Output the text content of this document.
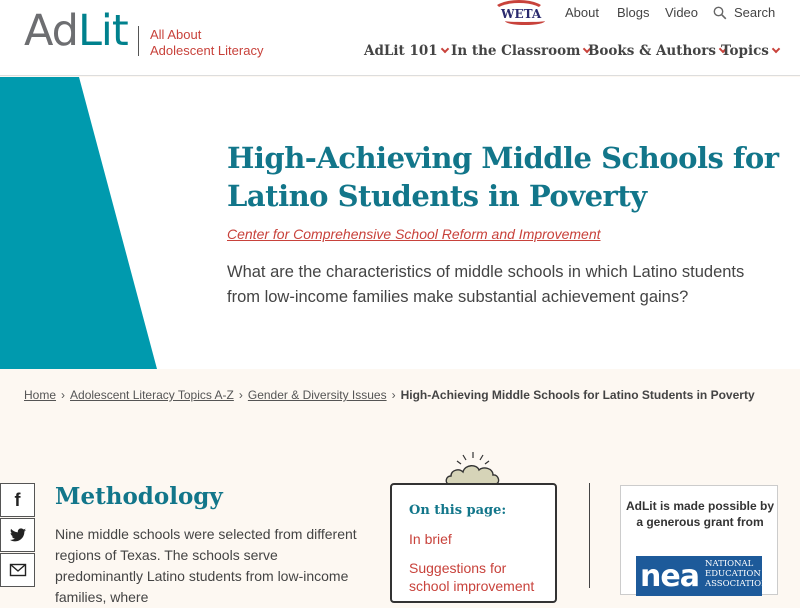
AdLit All About
Adolescent Literacy
WETA About Blogs Video	Search
AdLit 101 In the Classroom Books & Authors Topics
High-Achieving Middle Schools for Latino Students in Poverty
Center for Comprehensive School Reform and Improvement

What are the characteristics of middle schools in which Latino students from low-income families make substantial achievement gains?

Home › Adolescent Literacy Topics A-Z › Gender & Diversity Issues › High-Achieving Middle Schools for Latino Students in Poverty
f Methodology

Nine middle schools were selected from different regions of Texas. The schools serve predominantly Latino students from low-income families, where

On this page:
In brief
Suggestions for school improvement
AdLit is made possible by a generous grant from
nea NATIONAL
EDUCATION
ASSOCIATION
